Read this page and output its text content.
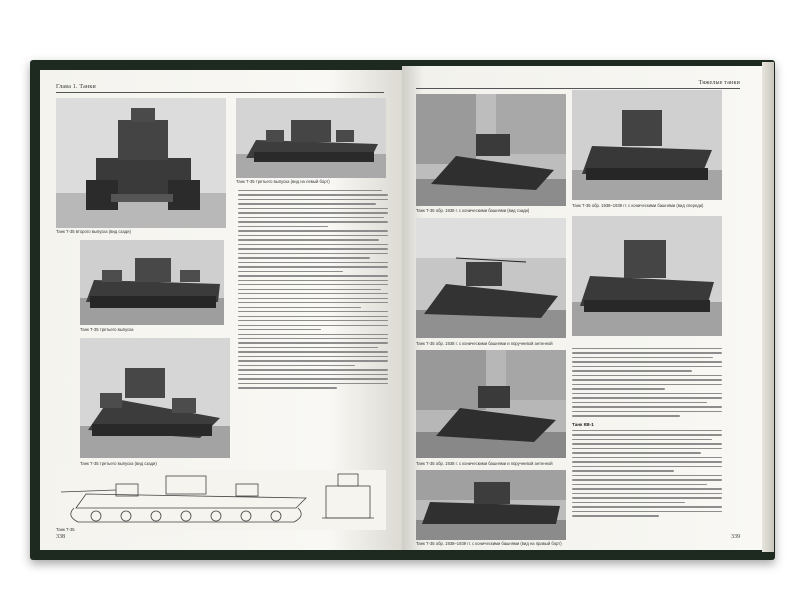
Глава 1. Танки
Танк Т-35 второго выпуска (вид сзади)
Танк Т-35 третьего выпуска (вид на левый борт)
Танк Т-35 третьего выпуска
Танк Т-35 третьего выпуска (вид сзади)
Танк Т-35
338
Тяжелые танки
Танк Т-35 обр. 1938 г. с коническими башнями (вид сзади)
Танк Т-35 обр. 1938–1939 гг. с коническими башнями (вид спереди)
Танк Т-35 обр. 1938 г. с коническими башнями и поручневой антенной
Танк Т-35 обр. 1938 г. с коническими башнями и поручневой антенной
Танк Т-35 обр. 1938–1939 гг. с коническими башнями (вид на правый борт)
Танк КВ-1
339
